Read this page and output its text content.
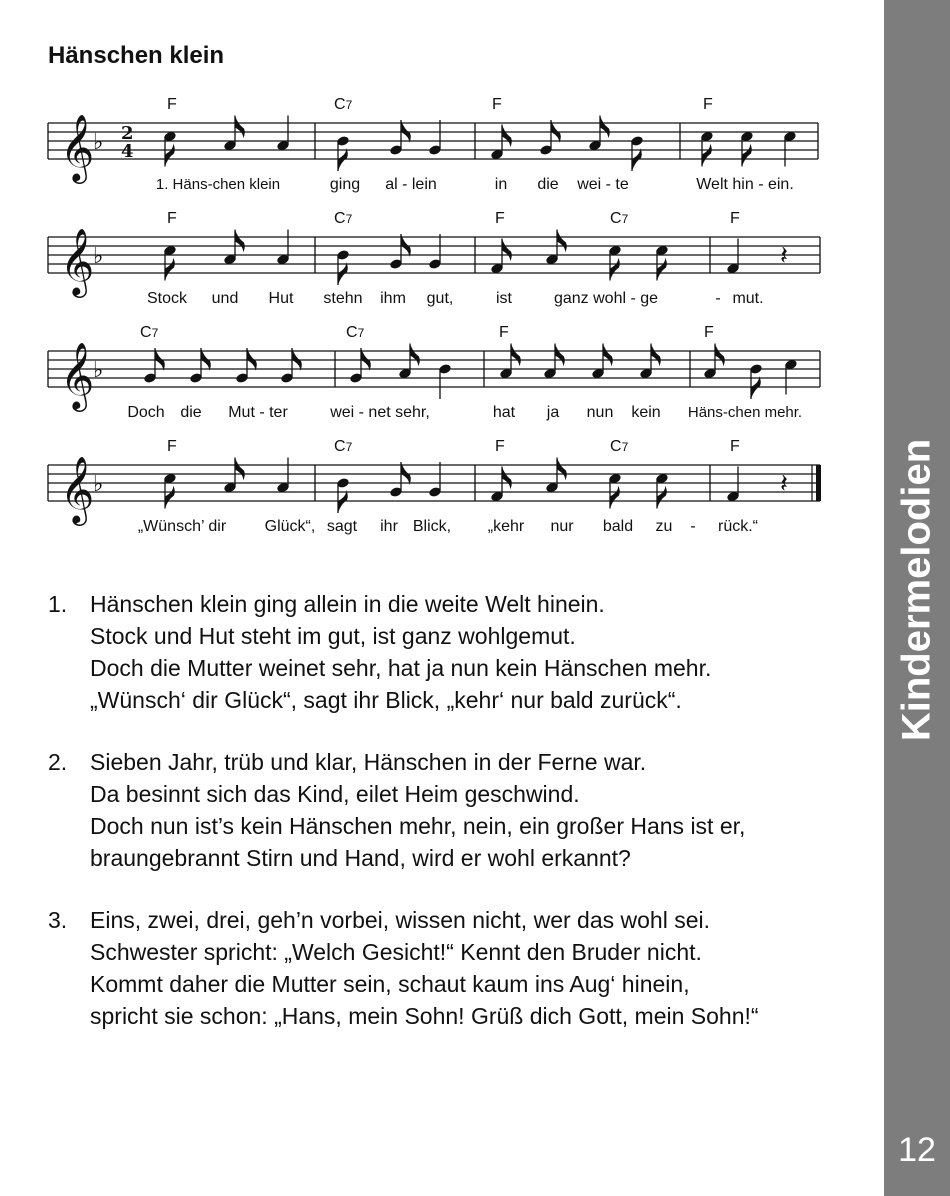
Hänschen klein
𝄞
♭ 2
4
F	C7	F	F
1. Häns-chen klein	ging al - lein	in die wei - te	Welt hin - ein.
𝄞
♭
F	C7	F	C7	F
Stock und Hut stehn ihm gut,	ist	ganz wohl - ge	- mut.
𝄽
𝄞
♭
C7	C7	F	F
Doch die Mut - ter	wei - net sehr,	hat ja nun kein Häns-chen mehr.
𝄞
♭
F	C7	F	C7	F
„Wünsch’ dir Glück“, sagt ihr Blick, „kehr nur bald zu - rück.“
𝄽
1. Hänschen klein ging allein in die weite Welt hinein.
Stock und Hut steht im gut, ist ganz wohlgemut.
Doch die Mutter weinet sehr, hat ja nun kein Hänschen mehr.
„Wünsch‘ dir Glück“, sagt ihr Blick, „kehr‘ nur bald zurück“.
2. Sieben Jahr, trüb und klar, Hänschen in der Ferne war.
Da besinnt sich das Kind, eilet Heim geschwind.
Doch nun ist’s kein Hänschen mehr, nein, ein großer Hans ist er,
braungebrannt Stirn und Hand, wird er wohl erkannt?
3. Eins, zwei, drei, geh’n vorbei, wissen nicht, wer das wohl sei.
Schwester spricht: „Welch Gesicht!“ Kennt den Bruder nicht.
Kommt daher die Mutter sein, schaut kaum ins Aug‘ hinein,
spricht sie schon: „Hans, mein Sohn! Grüß dich Gott, mein Sohn!“
Kindermelodien
12
